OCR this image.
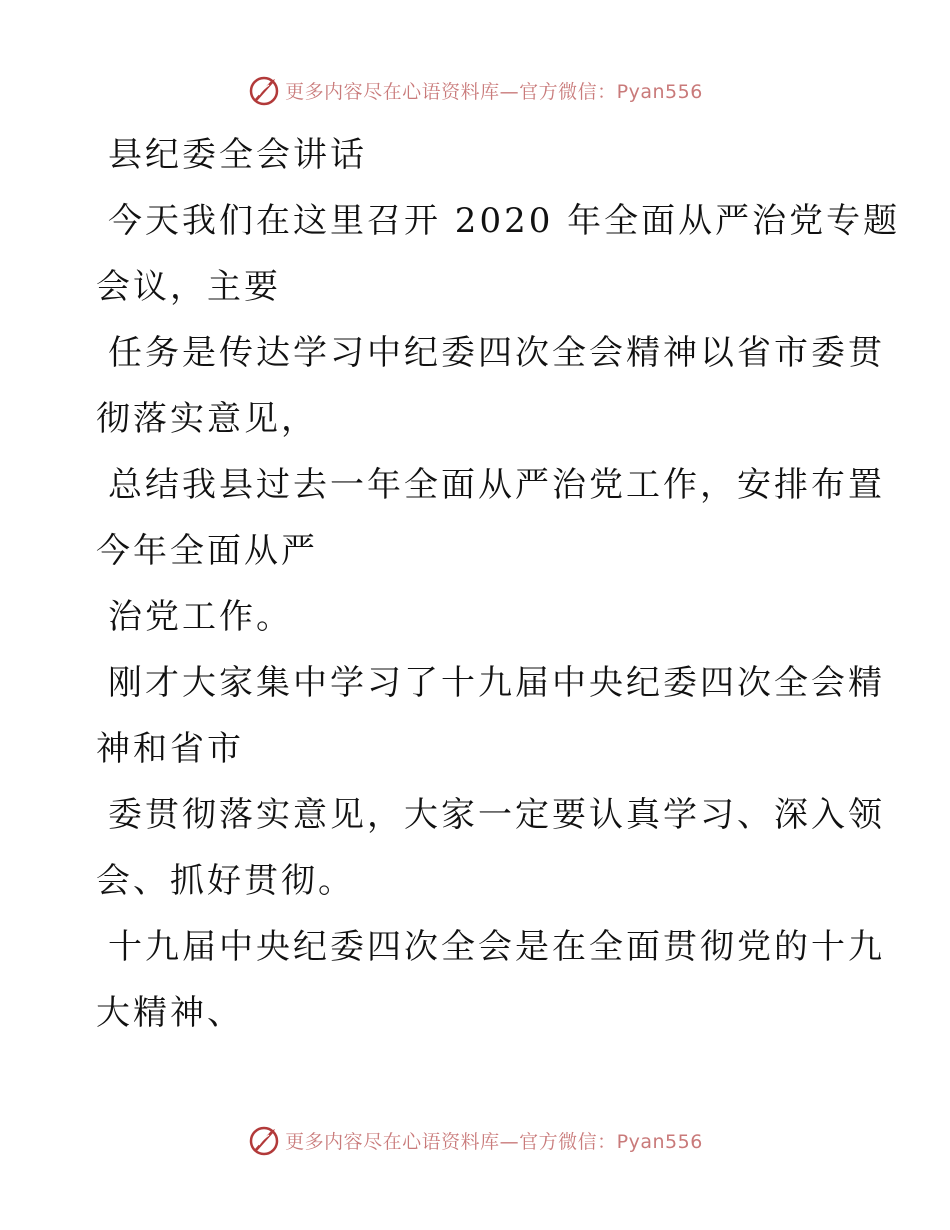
更多内容尽在心语资料库—官方微信：Pyan556
县纪委全会讲话
今天我们在这里召开 2020 年全面从严治党专题
会议，主要
任务是传达学习中纪委四次全会精神以省市委贯
彻落实意见，
总结我县过去一年全面从严治党工作，安排布置
今年全面从严
治党工作。
刚才大家集中学习了十九届中央纪委四次全会精
神和省市
委贯彻落实意见，大家一定要认真学习、深入领
会、抓好贯彻。
十九届中央纪委四次全会是在全面贯彻党的十九
大精神、
更多内容尽在心语资料库—官方微信：Pyan556
